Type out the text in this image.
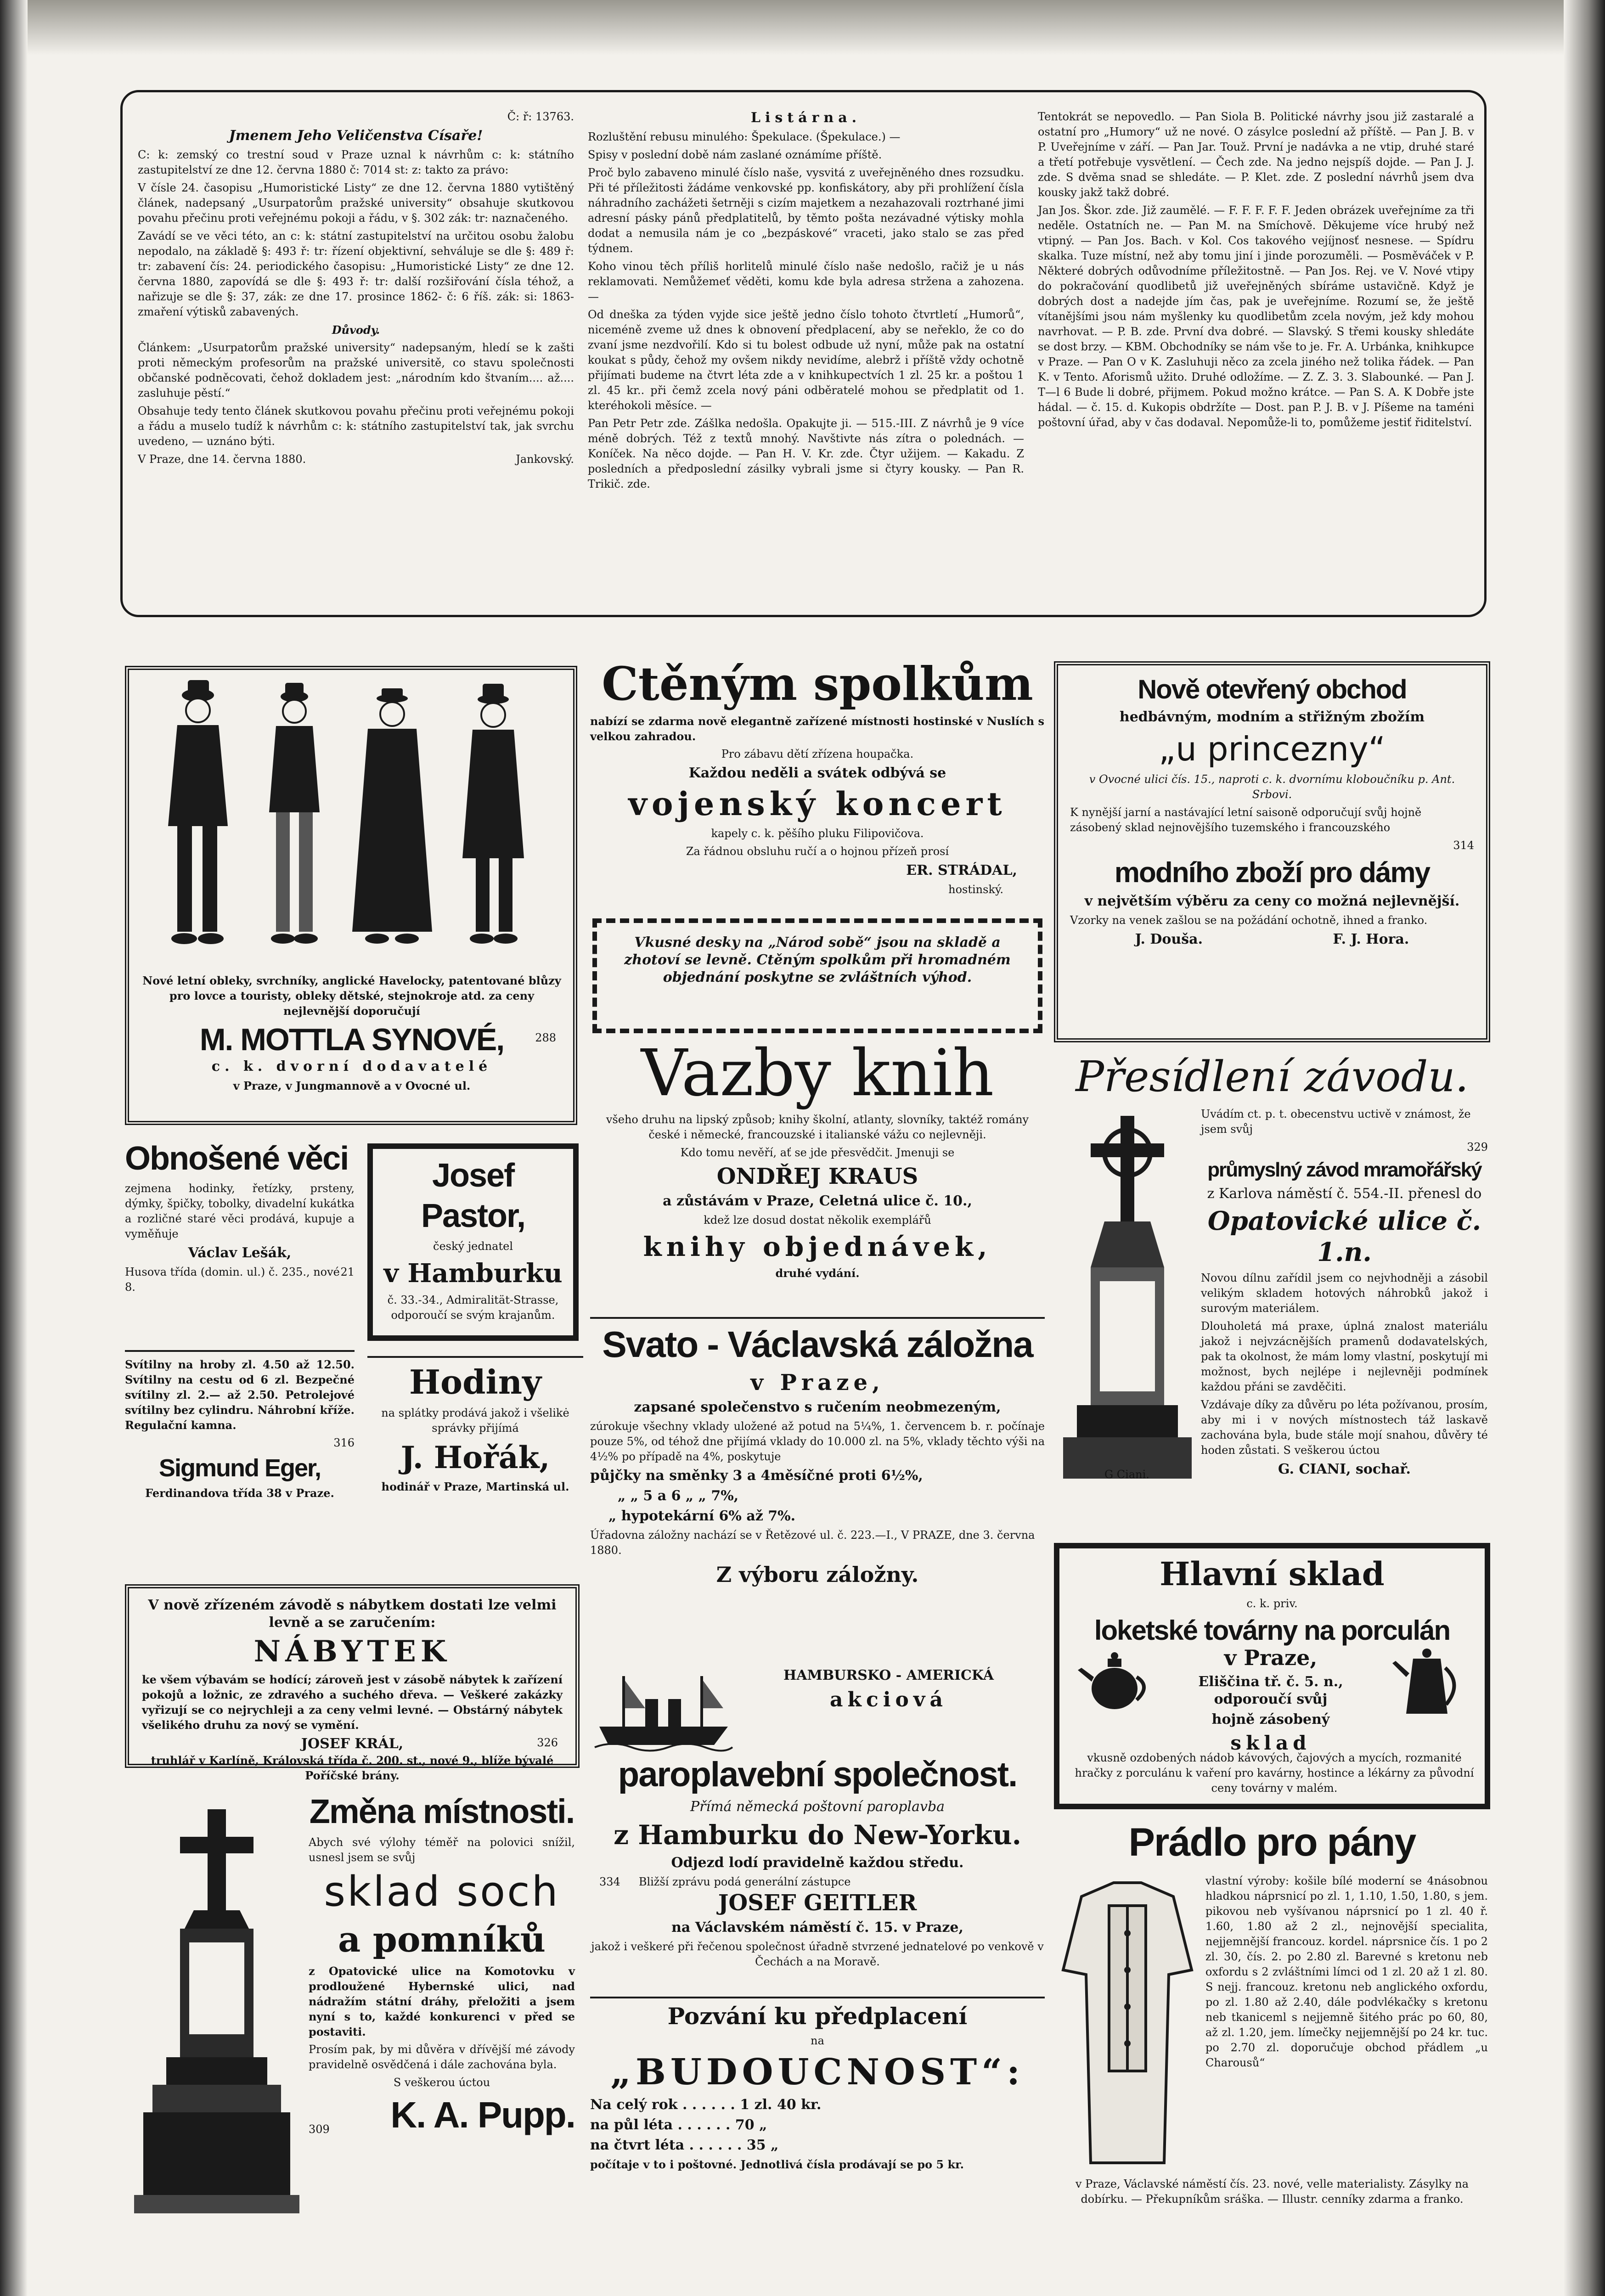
Č: ř: 13763.

Jmenem Jeho Veličenstva Císaře!

C: k: zemský co trestní soud v Praze uznal k návrhům c: k: státního zastupitelství ze dne 12. června 1880 č: 7014 st: z: takto za právo:

V čísle 24. časopisu „Humoristické Listy“ ze dne 12. června 1880 vytištěný článek, nadepsaný „Usurpatorům pražské university“ obsahuje skutkovou povahu přečinu proti veřejnému pokoji a řádu, v §. 302 zák: tr: naznačeného.

Zavádí se ve věci této, an c: k: státní zastupitelství na určitou osobu žalobu nepodalo, na základě §: 493 ř: tr: řízení objektivní, sehváluje se dle §: 489 ř: tr: zabavení čís: 24. periodického časopisu: „Humoristické Listy“ ze dne 12. června 1880, zapovídá se dle §: 493 ř: tr: další rozšiřování čísla téhož, a nařizuje se dle §: 37, zák: ze dne 17. prosince 1862- č: 6 říš. zák: si: 1863- zmaření výtisků zabavených.

Důvody.

Článkem: „Usurpatorům pražské university“ nadepsaným, hledí se k zašti proti německým profesorům na pražské universitě, co stavu společnosti občanské podněcovati, čehož dokladem jest: „národním kdo štvaním.... až.... zasluhuje pěstí.“

Obsahuje tedy tento článek skutkovou povahu přečinu proti veřejnému pokoji a řádu a muselo tudíž k návrhům c: k: státního zastupitelství tak, jak svrchu uvedeno, — uznáno býti.

V Praze, dne 14. června 1880.	Jankovský.

Listárna.

Rozluštění rebusu minulého: Špekulace. (Špekulace.) —

Spisy v poslední době nám zaslané oznámíme příště.

Proč bylo zabaveno minulé číslo naše, vysvitá z uveřejněného dnes rozsudku. Při té příležitosti žádáme venkovské pp. konfiskátory, aby při prohlížení čísla náhradního zachážeti šetrněji s cizím majetkem a nezahazovali roztrhané jimi adresní pásky pánů předplatitelů, by těmto pošta nezávadné výtisky mohla dodat a nemusila nám je co „bezpáskové“ vraceti, jako stalo se zas před týdnem.

Koho vinou těch příliš horlitelů minulé číslo naše nedošlo, račiž je u nás reklamovati. Nemůžemeť věděti, komu kde byla adresa stržena a zahozena. —

Od dneška za týden vyjde sice ještě jedno číslo tohoto čtvrtletí „Humorů“, niceméně zveme už dnes k obnovení předplacení, aby se neřeklo, že co do zvaní jsme nezdvořilí. Kdo si tu bolest odbude už nyní, může pak na ostatní koukat s půdy, čehož my ovšem nikdy nevidíme, alebrž i příště vždy ochotně přijímati budeme na čtvrt léta zde a v knihkupectvích 1 zl. 25 kr. a poštou 1 zl. 45 kr.. při čemž zcela nový páni odběratelé mohou se předplatit od 1. kteréhokoli měsíce. —

Pan Petr Petr zde. Zášlka nedošla. Opakujte ji. — 515.-III. Z návrhů je 9 více méně dobrých. Též z textů mnohý. Navštivte nás zítra o polednách. — Koníček. Na něco dojde. — Pan H. V. Kr. zde. Čtyr užijem. — Kakadu. Z posledních a předposlední zásilky vybrali jsme si čtyry kousky. — Pan R. Trikič. zde.

Tentokrát se nepovedlo. — Pan Siola B. Politické návrhy jsou již zastaralé a ostatní pro „Humory“ už ne nové. O zásylce poslední až příště. — Pan J. B. v P. Uveřejníme v září. — Pan Jar. Touž. První je nadávka a ne vtip, druhé staré a třetí potřebuje vysvětlení. — Čech zde. Na jedno nejspíš dojde. — Pan J. J. zde. S dvěma snad se shledáte. — P. Klet. zde. Z poslední návrhů jsem dva kousky jakž takž dobré.

Jan Jos. Škor. zde. Již zaumělé. — F. F. F. F. F. Jeden obrázek uveřejníme za tři neděle. Ostatních ne. — Pan M. na Smíchově. Děkujeme více hrubý než vtipný. — Pan Jos. Bach. v Kol. Cos takového vejíjnosť nesnese. — Spídru skalka. Tuze místní, než aby tomu jiní i jinde porozuměli. — Posměváček v P. Některé dobrých odůvodníme příležitostně. — Pan Jos. Rej. ve V. Nové vtipy do pokračování quodlibetů již uveřejněných sbíráme ustavičně. Když je dobrých dost a nadejde jím čas, pak je uveřejníme. Rozumí se, že ještě vítanějšími jsou nám myšlenky ku quodlibetům zcela novým, jež kdy mohou navrhovat. — P. B. zde. První dva dobré. — Slavský. S třemi kousky shledáte se dost brzy. — KBM. Obchodníky se nám vše to je. Fr. A. Urbánka, knihkupce v Praze. — Pan O v K. Zasluhuji něco za zcela jiného než tolika řádek. — Pan K. v Tento. Aforismů užito. Druhé odložíme. — Z. Z. 3. 3. Slabounké. — Pan J. T—l 6 Bude li dobré, přijmem. Pokud možno krátce. — Pan S. A. K Dobře jste hádal. — č. 15. d. Kukopis obdržíte — Dost. pan P. J. B. v J. Píšeme na taméni poštovní úřad, aby v čas dodaval. Nepomůže-li to, pomůžeme jestiť řiditelství.

Nové letní obleky, svrchníky, anglické Havelocky, patentované blůzy pro lovce a touristy, obleky dětské, stejnokroje atd. za ceny nejlevnější doporučují

M. MOTTLA SYNOVÉ,	288

c. k. dvorní dodavatelé

v Praze, v Jungmannově a v Ovocné ul.

Obnošené věci

zejmena hodinky, řetízky, prsteny, dýmky, špičky, tobolky, divadelní kukátka a rozličné staré věci prodává, kupuje a vyměňuje

Václav Lešák,

Husova třída (domin. ul.) č. 235., nové 8.
21

Svítilny na hroby zl. 4.50 až 12.50. Svítilny na cestu od 6 zl. Bezpečné svítilny zl. 2.— až 2.50. Petrolejové svítilny bez cylindru. Náhrobní kříže. Regulační kamna.

316

Sigmund Eger,

Ferdinandova třída 38 v Praze.

Josef Pastor,

český jednatel

v Hamburku

č. 33.-34., Admiralität-Strasse, odporoučí se svým krajanům.

Hodiny

na splátky prodává jakož i všelikė správky přijímá

J. Hořák,

hodinář v Praze, Martinská ul.

V nově zřízeném závodě s nábytkem dostati lze velmi levně a se zaručením:

NÁBYTEK

ke všem výbavám se hodící; zároveň jest v zásobě nábytek k zařízení pokojů a ložnic, ze zdravého a suchého dřeva. — Veškeré zakázky vyřizují se co nejrychleji a za ceny velmi levné. — Obstárný nábytek všelikého druhu za nový se vymění.

JOSEF KRÁL,	326

truhlář v Karlíně, Královská třída č. 200. st., nové 9., blíže bývalé Poříčské brány.

Změna místnosti.

Abych své výlohy téměř na polovici snížil, usnesl jsem se svůj

sklad soch

a pomníků

z Opatovické ulice na Komotovku v prodloužené Hybernské ulici, nad nádražím státní dráhy, přeložiti a jsem nyní s to, každé konkurenci v před se postaviti.

Prosím pak, by mi důvěra v dřívější mé závody pravidelně osvědčená i dále zachována byla.

S veškerou úctou

309 K. A. Pupp.

Ctěným spolkům

nabízí se zdarma nově elegantně zařízené místnosti hostinské v Nuslích s velkou zahradou.

Pro zábavu dětí zřízena houpačka.

Každou neděli a svátek odbývá se

vojenský koncert

kapely c. k. pěšího pluku Filipovičova.

Za řádnou obsluhu ručí a o hojnou přízeň prosí

ER. STRÁDAL,

hostinský.

Vkusné desky na „Národ sobě“ jsou na skladě a zhotoví se levně. Ctěným spolkům při hromadném objednání poskytne se zvláštních výhod.

Vazby knih

všeho druhu na lipský způsob; knihy školní, atlanty, slovníky, taktéž romány české i německé, francouzské i italianské vážu co nejlevněji.

Kdo tomu nevěří, ať se jde přesvědčit. Jmenuji se

ONDŘEJ KRAUS

a zůstávám v Praze, Celetná ulice č. 10.,

kdež lze dosud dostat několik exemplářů

knihy objednávek,

druhé vydání.

Svato - Václavská záložna

v Praze,

zapsané společenstvo s ručením neobmezeným,

zúrokuje všechny vklady uložené až potud na 5¼%, 1. červencem b. r. počínaje pouze 5%, od téhož dne přijímá vklady do 10.000 zl. na 5%, vklady těchto výši na 4½% po případě na 4%, poskytuje

půjčky na směnky 3 a 4měsíčné proti 6½%,

„ „ 5 a 6 „ „ 7%,

„ hypotekární 6% až 7%.

Úřadovna záložny nachází se v Řetězové ul. č. 223.—I., V PRAZE, dne 3. června 1880.

Z výboru záložny.

HAMBURSKO - AMERICKÁ

akciová

paroplavební společnost.

Přímá německá poštovní paroplavba

z Hamburku do New-Yorku.

Odjezd lodí pravidelně každou středu.

334 Bližší zprávu podá generální zástupce

JOSEF GEITLER

na Václavském náměstí č. 15. v Praze,

jakož i veškeré při řečenou společnost úřadně stvrzené jednatelové po venkově v Čechách a na Moravě.

Pozvání ku předplacení

na

„BUDOUCNOST“:

Na celý rok . . . . . . 1 zl. 40 kr.

na půl léta . . . . . . 70 „

na čtvrt léta . . . . . . 35 „

počítaje v to i poštovné. Jednotlivá čísla prodávají se po 5 kr.

Nově otevřený obchod

hedbávným, modním a střižným zbožím

„u princezny“

v Ovocné ulici čís. 15., naproti c. k. dvornímu kloboučníku p. Ant. Srbovi.

K nynější jarní a nastávající letní saisoně odporučují svůj hojně zásobený sklad nejnovějšího tuzemského i francouzského

314

modního zboží pro dámy

v největším výběru za ceny co možná nejlevnější.

Vzorky na venek zašlou se na požádání ochotně, ihned a franko.

J. Douša.	F. J. Hora.

Přesídlení závodu.

G Ciani.

Uvádím ct. p. t. obecenstvu uctivě v známost, že jsem svůj

329

průmyslný závod mramořářský

z Karlova náměstí č. 554.-II. přenesl do

Opatovické ulice č. 1.n.

Novou dílnu zařídil jsem co nejvhodněji a zásobil velikým skladem hotových náhrobků jakož i surovým materiálem.

Dlouholetá má praxe, úplná znalost materiálu jakož i nejvzácnějších pramenů dodavatelských, pak ta okolnost, že mám lomy vlastní, poskytují mi možnost, bych nejlépe i nejlevněji podmínek každou přáni se zavděčiti.

Vzdávaje díky za důvěru po léta požívanou, prosím, aby mi i v nových místnostech táž laskavě zachována byla, bude stále mojí snahou, důvěry té hoden zůstati. S veškerou úctou

G. CIANI, sochař.

Hlavní sklad

c. k. priv.

loketské továrny na porculán

v Praze,

Eliščina tř. č. 5. n., odporoučí svůj

hojně zásobený

sklad

vkusně ozdobených nádob kávových, čajových a mycích, rozmanité hračky z porculánu k vaření pro kavárny, hostince a lékárny za původní ceny továrny v malém.

Prádlo pro pány

vlastní výroby: košile bílé moderní se 4násobnou hladkou náprsnicí po zl. 1, 1.10, 1.50, 1.80, s jem. pikovou neb vyšívanou náprsnicí po 1 zl. 40 ř. 1.60, 1.80 až 2 zl., nejnovější specialita, nejjemnější francouz. kordel. náprsnice čís. 1 po 2 zl. 30, čís. 2. po 2.80 zl. Barevné s kretonu neb oxfordu s 2 zvláštními límci od 1 zl. 20 až 1 zl. 80. S nejj. francouz. kretonu neb anglického oxfordu, po zl. 1.80 až 2.40, dále podvlékačky s kretonu neb tkaniceml s nejjemně šitého prác po 60, 80, až zl. 1.20, jem. límečky nejjemnější po 24 kr. tuc. po 2.70 zl. doporučuje obchod přádlem „u Charousů“

v Praze, Václavské náměstí čís. 23. nové, velle materialisty. Zásylky na dobírku. — Překupníkům sráška. — Illustr. cenníky zdarma a franko.
